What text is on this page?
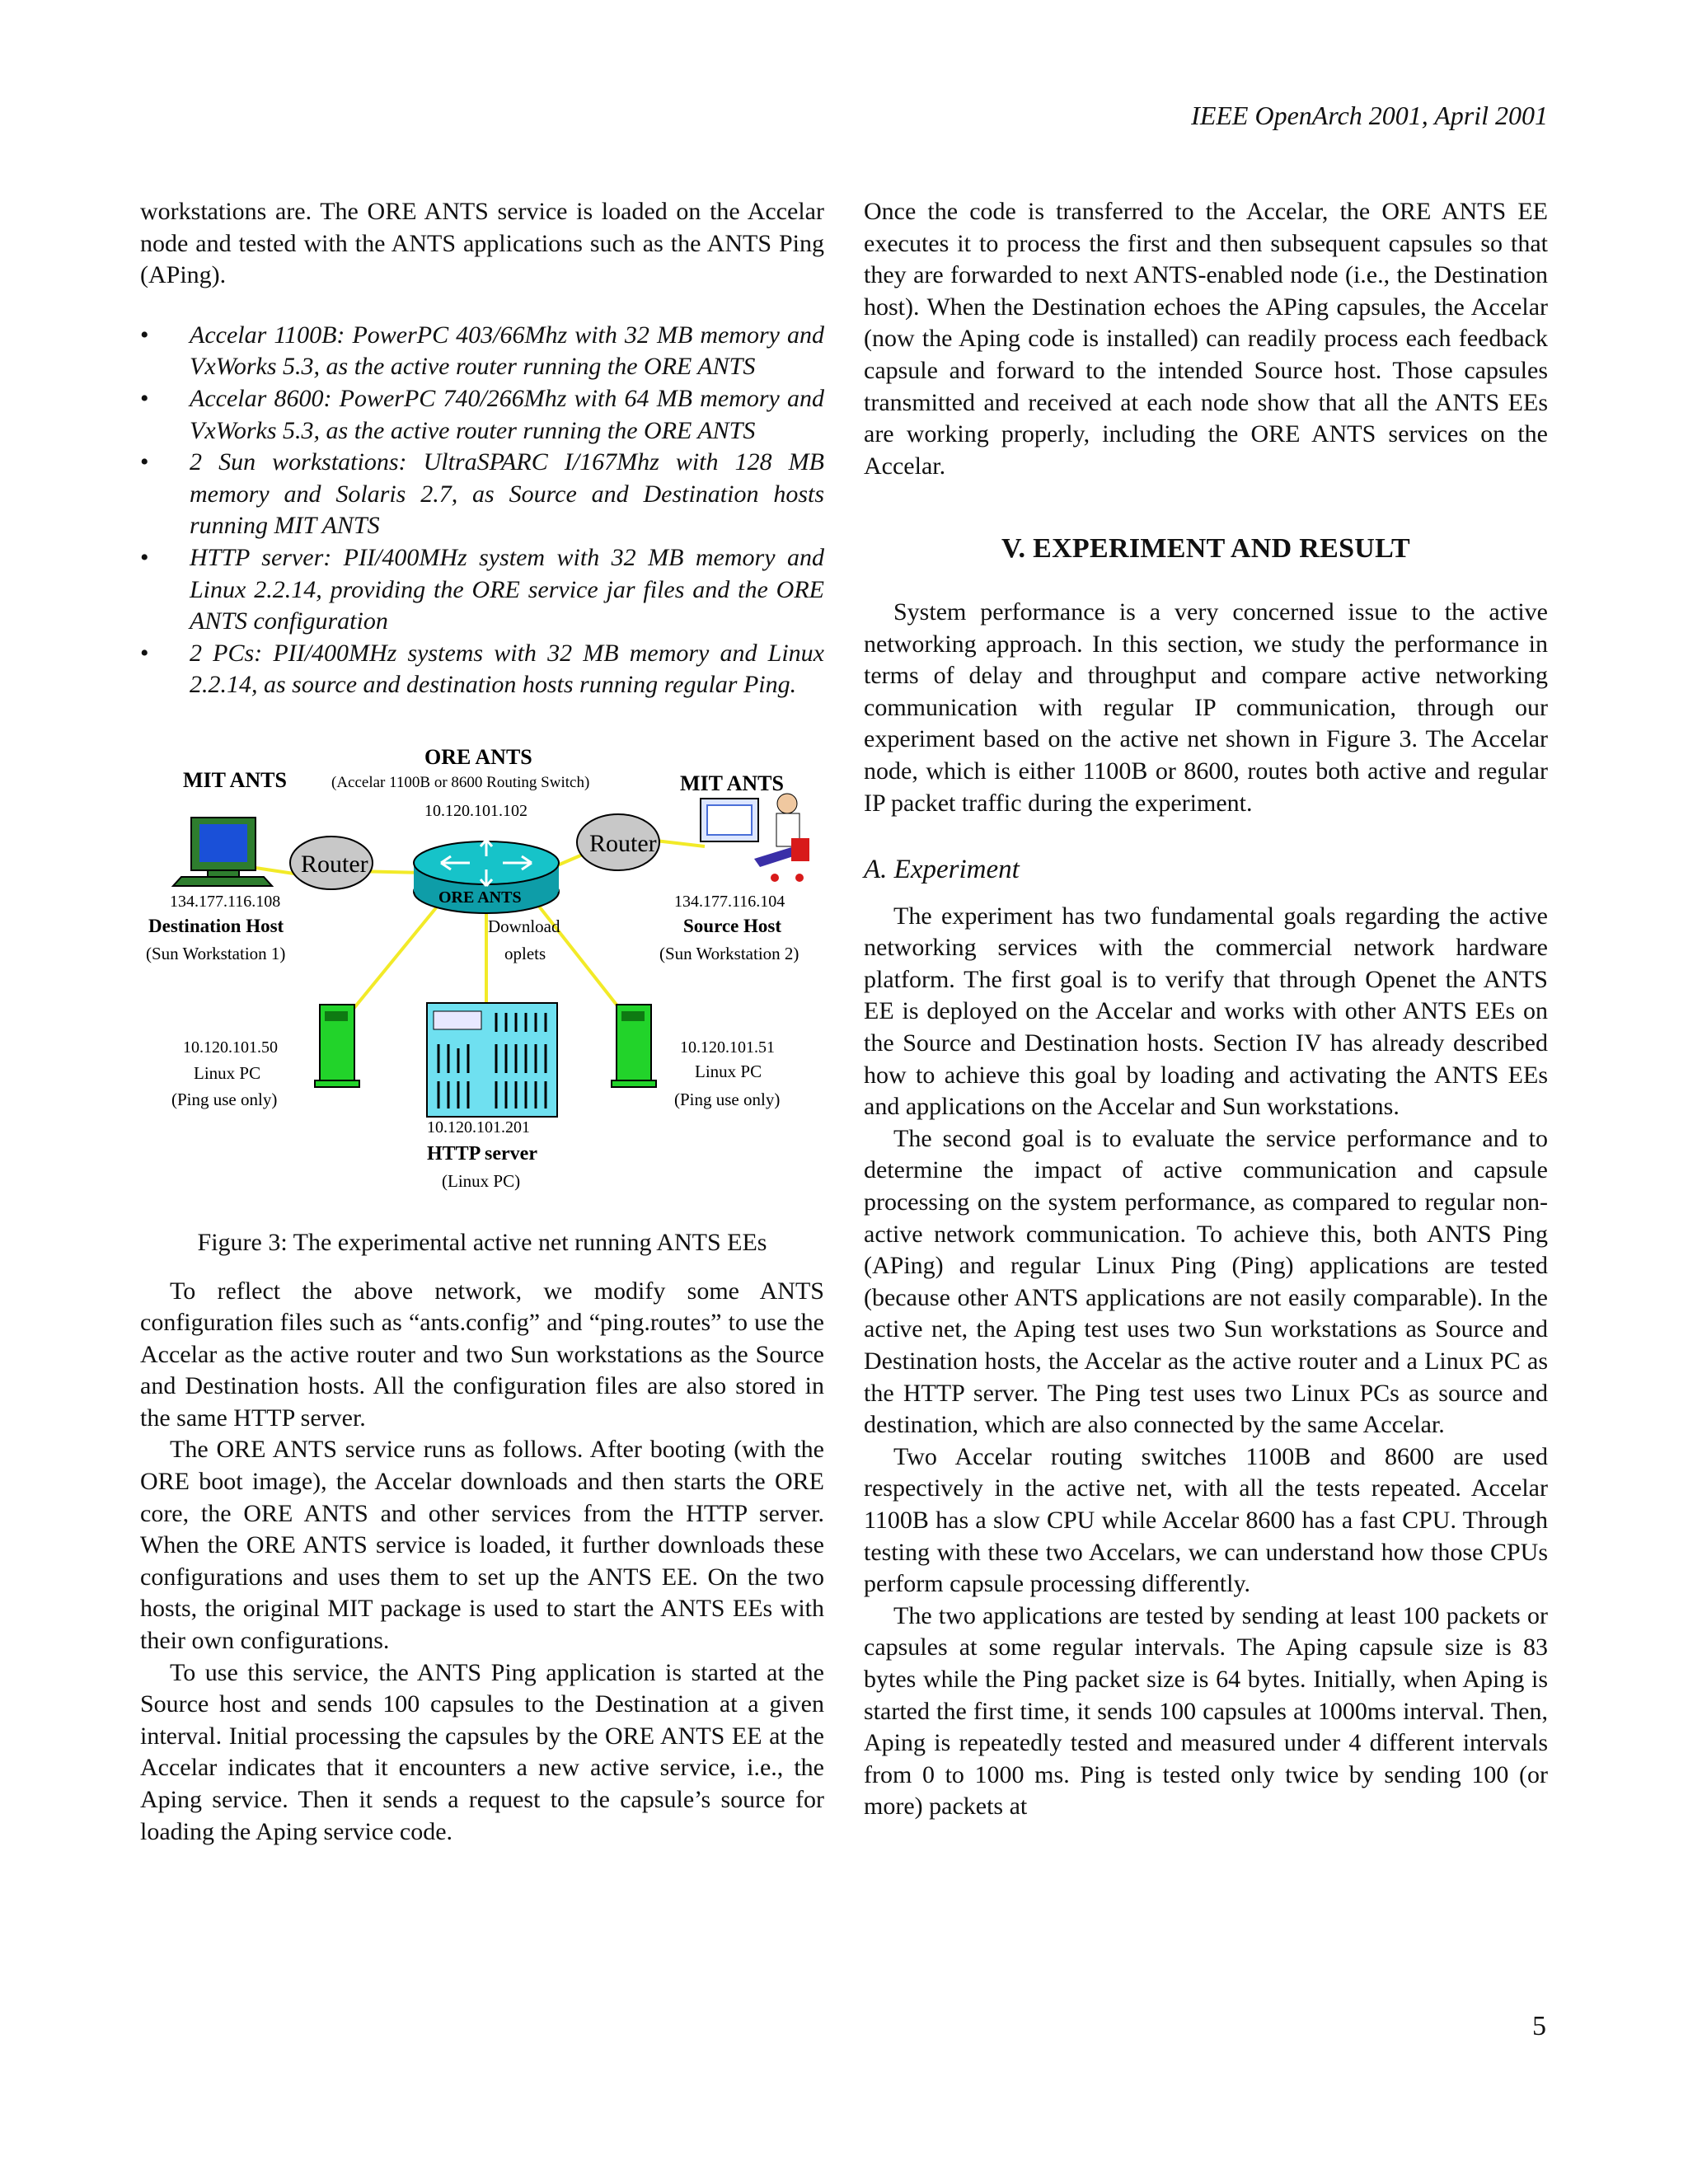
IEEE OpenArch 2001, April 2001

workstations are. The ORE ANTS service is loaded on the Accelar node and tested with the ANTS applications such as the ANTS Ping (APing).

• Accelar 1100B: PowerPC 403/66Mhz with 32 MB memory and VxWorks 5.3, as the active router running the ORE ANTS
• Accelar 8600: PowerPC 740/266Mhz with 64 MB memory and VxWorks 5.3, as the active router running the ORE ANTS
• 2 Sun workstations: UltraSPARC I/167Mhz with 128 MB memory and Solaris 2.7, as Source and Destination hosts running MIT ANTS
• HTTP server: PII/400MHz system with 32 MB memory and Linux 2.2.14, providing the ORE service jar files and the ORE ANTS configuration
• 2 PCs: PII/400MHz systems with 32 MB memory and Linux 2.2.14, as source and destination hosts running regular Ping.
ORE ANTS
(Accelar 1100B or 8600 Routing Switch)
10.120.101.102
MIT ANTS	MIT ANTS
Router
ORE ANTS
Router
134.177.116.108
Destination Host
(Sun Workstation 1)
134.177.116.104
Source Host
(Sun Workstation 2)
Download
oplets
10.120.101.50
Linux PC
(Ping use only)
10.120.101.51
Linux PC
(Ping use only)
10.120.101.201
HTTP server
(Linux PC)
Figure 3: The experimental active net running ANTS EEs

To reflect the above network, we modify some ANTS configuration files such as “ants.config” and “ping.routes” to use the Accelar as the active router and two Sun workstations as the Source and Destination hosts. All the configuration files are also stored in the same HTTP server.

The ORE ANTS service runs as follows. After booting (with the ORE boot image), the Accelar downloads and then starts the ORE core, the ORE ANTS and other services from the HTTP server. When the ORE ANTS service is loaded, it further downloads these configurations and uses them to set up the ANTS EE. On the two hosts, the original MIT package is used to start the ANTS EEs with their own configurations.

To use this service, the ANTS Ping application is started at the Source host and sends 100 capsules to the Destination at a given interval. Initial processing the capsules by the ORE ANTS EE at the Accelar indicates that it encounters a new active service, i.e., the Aping service. Then it sends a request to the capsule’s source for loading the Aping service code.

Once the code is transferred to the Accelar, the ORE ANTS EE executes it to process the first and then subsequent capsules so that they are forwarded to next ANTS-enabled node (i.e., the Destination host). When the Destination echoes the APing capsules, the Accelar (now the Aping code is installed) can readily process each feedback capsule and forward to the intended Source host. Those capsules transmitted and received at each node show that all the ANTS EEs are working properly, including the ORE ANTS services on the Accelar.

V. EXPERIMENT AND RESULT

System performance is a very concerned issue to the active networking approach. In this section, we study the performance in terms of delay and throughput and compare active networking communication with regular IP communication, through our experiment based on the active net shown in Figure 3. The Accelar node, which is either 1100B or 8600, routes both active and regular IP packet traffic during the experiment.

A. Experiment

The experiment has two fundamental goals regarding the active networking services with the commercial network hardware platform. The first goal is to verify that through Openet the ANTS EE is deployed on the Accelar and works with other ANTS EEs on the Source and Destination hosts. Section IV has already described how to achieve this goal by loading and activating the ANTS EEs and applications on the Accelar and Sun workstations.

The second goal is to evaluate the service performance and to determine the impact of active communication and capsule processing on the system performance, as compared to regular non-active network communication. To achieve this, both ANTS Ping (APing) and regular Linux Ping (Ping) applications are tested (because other ANTS applications are not easily comparable). In the active net, the Aping test uses two Sun workstations as Source and Destination hosts, the Accelar as the active router and a Linux PC as the HTTP server. The Ping test uses two Linux PCs as source and destination, which are also connected by the same Accelar.

Two Accelar routing switches 1100B and 8600 are used respectively in the active net, with all the tests repeated. Accelar 1100B has a slow CPU while Accelar 8600 has a fast CPU. Through testing with these two Accelars, we can understand how those CPUs perform capsule processing differently.

The two applications are tested by sending at least 100 packets or capsules at some regular intervals. The Aping capsule size is 83 bytes while the Ping packet size is 64 bytes. Initially, when Aping is started the first time, it sends 100 capsules at 1000ms interval. Then, Aping is repeatedly tested and measured under 4 different intervals from 0 to 1000 ms. Ping is tested only twice by sending 100 (or more) packets at

5
